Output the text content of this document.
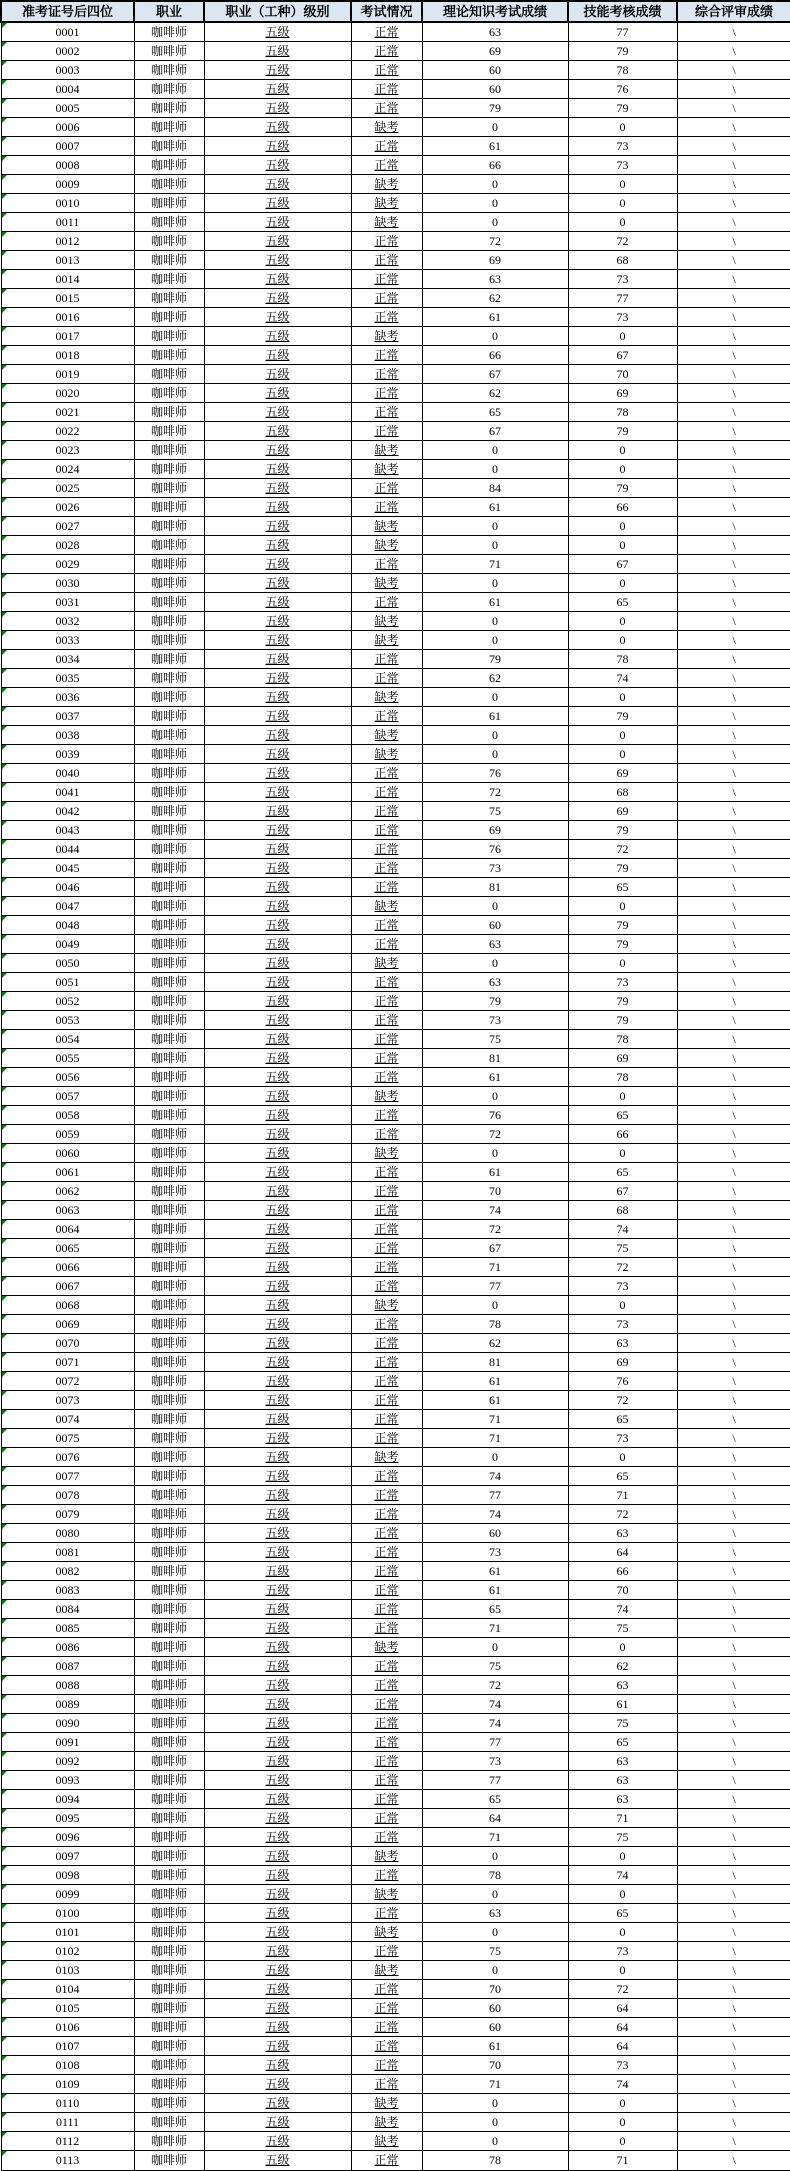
准考证号后四位	职业	职业（工种）级别	考试情况	理论知识考试成绩	技能考核成绩	综合评审成绩

0001	咖啡师	五级	正常	63	77	\

0002	咖啡师	五级	正常	69	79	\

0003	咖啡师	五级	正常	60	78	\

0004	咖啡师	五级	正常	60	76	\

0005	咖啡师	五级	正常	79	79	\

0006	咖啡师	五级	缺考	0	0	\

0007	咖啡师	五级	正常	61	73	\

0008	咖啡师	五级	正常	66	73	\

0009	咖啡师	五级	缺考	0	0	\

0010	咖啡师	五级	缺考	0	0	\

0011	咖啡师	五级	缺考	0	0	\

0012	咖啡师	五级	正常	72	72	\

0013	咖啡师	五级	正常	69	68	\

0014	咖啡师	五级	正常	63	73	\

0015	咖啡师	五级	正常	62	77	\

0016	咖啡师	五级	正常	61	73	\

0017	咖啡师	五级	缺考	0	0	\

0018	咖啡师	五级	正常	66	67	\

0019	咖啡师	五级	正常	67	70	\

0020	咖啡师	五级	正常	62	69	\

0021	咖啡师	五级	正常	65	78	\

0022	咖啡师	五级	正常	67	79	\

0023	咖啡师	五级	缺考	0	0	\

0024	咖啡师	五级	缺考	0	0	\

0025	咖啡师	五级	正常	84	79	\

0026	咖啡师	五级	正常	61	66	\

0027	咖啡师	五级	缺考	0	0	\

0028	咖啡师	五级	缺考	0	0	\

0029	咖啡师	五级	正常	71	67	\

0030	咖啡师	五级	缺考	0	0	\

0031	咖啡师	五级	正常	61	65	\

0032	咖啡师	五级	缺考	0	0	\

0033	咖啡师	五级	缺考	0	0	\

0034	咖啡师	五级	正常	79	78	\

0035	咖啡师	五级	正常	62	74	\

0036	咖啡师	五级	缺考	0	0	\

0037	咖啡师	五级	正常	61	79	\

0038	咖啡师	五级	缺考	0	0	\

0039	咖啡师	五级	缺考	0	0	\

0040	咖啡师	五级	正常	76	69	\

0041	咖啡师	五级	正常	72	68	\

0042	咖啡师	五级	正常	75	69	\

0043	咖啡师	五级	正常	69	79	\

0044	咖啡师	五级	正常	76	72	\

0045	咖啡师	五级	正常	73	79	\

0046	咖啡师	五级	正常	81	65	\

0047	咖啡师	五级	缺考	0	0	\

0048	咖啡师	五级	正常	60	79	\

0049	咖啡师	五级	正常	63	79	\

0050	咖啡师	五级	缺考	0	0	\

0051	咖啡师	五级	正常	63	73	\

0052	咖啡师	五级	正常	79	79	\

0053	咖啡师	五级	正常	73	79	\

0054	咖啡师	五级	正常	75	78	\

0055	咖啡师	五级	正常	81	69	\

0056	咖啡师	五级	正常	61	78	\

0057	咖啡师	五级	缺考	0	0	\

0058	咖啡师	五级	正常	76	65	\

0059	咖啡师	五级	正常	72	66	\

0060	咖啡师	五级	缺考	0	0	\

0061	咖啡师	五级	正常	61	65	\

0062	咖啡师	五级	正常	70	67	\

0063	咖啡师	五级	正常	74	68	\

0064	咖啡师	五级	正常	72	74	\

0065	咖啡师	五级	正常	67	75	\

0066	咖啡师	五级	正常	71	72	\

0067	咖啡师	五级	正常	77	73	\

0068	咖啡师	五级	缺考	0	0	\

0069	咖啡师	五级	正常	78	73	\

0070	咖啡师	五级	正常	62	63	\

0071	咖啡师	五级	正常	81	69	\

0072	咖啡师	五级	正常	61	76	\

0073	咖啡师	五级	正常	61	72	\

0074	咖啡师	五级	正常	71	65	\

0075	咖啡师	五级	正常	71	73	\

0076	咖啡师	五级	缺考	0	0	\

0077	咖啡师	五级	正常	74	65	\

0078	咖啡师	五级	正常	77	71	\

0079	咖啡师	五级	正常	74	72	\

0080	咖啡师	五级	正常	60	63	\

0081	咖啡师	五级	正常	73	64	\

0082	咖啡师	五级	正常	61	66	\

0083	咖啡师	五级	正常	61	70	\

0084	咖啡师	五级	正常	65	74	\

0085	咖啡师	五级	正常	71	75	\

0086	咖啡师	五级	缺考	0	0	\

0087	咖啡师	五级	正常	75	62	\

0088	咖啡师	五级	正常	72	63	\

0089	咖啡师	五级	正常	74	61	\

0090	咖啡师	五级	正常	74	75	\

0091	咖啡师	五级	正常	77	65	\

0092	咖啡师	五级	正常	73	63	\

0093	咖啡师	五级	正常	77	63	\

0094	咖啡师	五级	正常	65	63	\

0095	咖啡师	五级	正常	64	71	\

0096	咖啡师	五级	正常	71	75	\

0097	咖啡师	五级	缺考	0	0	\

0098	咖啡师	五级	正常	78	74	\

0099	咖啡师	五级	缺考	0	0	\

0100	咖啡师	五级	正常	63	65	\

0101	咖啡师	五级	缺考	0	0	\

0102	咖啡师	五级	正常	75	73	\

0103	咖啡师	五级	缺考	0	0	\

0104	咖啡师	五级	正常	70	72	\

0105	咖啡师	五级	正常	60	64	\

0106	咖啡师	五级	正常	60	64	\

0107	咖啡师	五级	正常	61	64	\

0108	咖啡师	五级	正常	70	73	\

0109	咖啡师	五级	正常	71	74	\

0110	咖啡师	五级	缺考	0	0	\

0111	咖啡师	五级	缺考	0	0	\

0112	咖啡师	五级	缺考	0	0	\

0113	咖啡师	五级	正常	78	71	\
